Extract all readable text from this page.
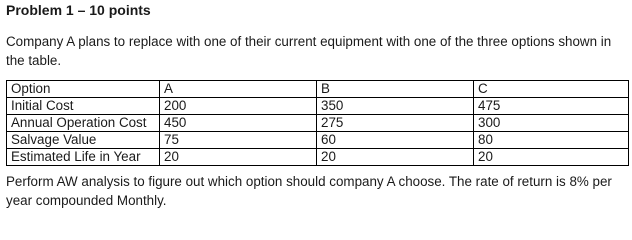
Problem 1 – 10 points
Company A plans to replace with one of their current equipment with one of the three options shown in the table.
Option	A	B	C
Initial Cost	200	350	475
Annual Operation Cost	450	275	300
Salvage Value	75	60	80
Estimated Life in Year	20	20	20
Perform AW analysis to figure out which option should company A choose. The rate of return is 8% per year compounded Monthly.
